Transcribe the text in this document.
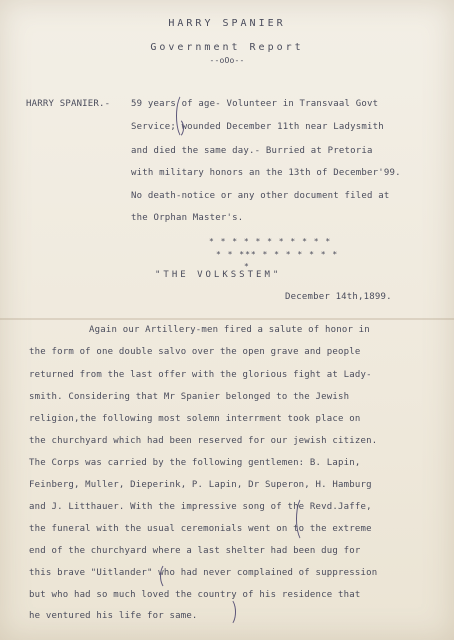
HARRY SPANIER
Government Report
--oOo--
HARRY SPANIER.- 59 years of age- Volunteer in Transvaal Govt
Service; wounded December 11th near Ladysmith
and died the same day.- Burried at Pretoria
with military honors an the 13th of December'99.
No death-notice or any other document filed at
the Orphan Master's.
* * * * * * * * * * *
* * *** * * * * * * *
*
"THE VOLKSSTEM"
December 14th,1899.
Again our Artillery-men fired a salute of honor in
the form of one double salvo over the open grave and people
returned from the last offer with the glorious fight at Lady-
smith. Considering that Mr Spanier belonged to the Jewish
religion,the following most solemn interrment took place on
the churchyard which had been reserved for our jewish citizen.
The Corps was carried by the following gentlemen: B. Lapin,
Feinberg, Muller, Dieperink, P. Lapin, Dr Superon, H. Hamburg
and J. Litthauer. With the impressive song of the Revd.Jaffe,
the funeral with the usual ceremonials went on to the extreme
end of the churchyard where a last shelter had been dug for
this brave "Uitlander" who had never complained of suppression
but who had so much loved the country of his residence that
he ventured his life for same.
